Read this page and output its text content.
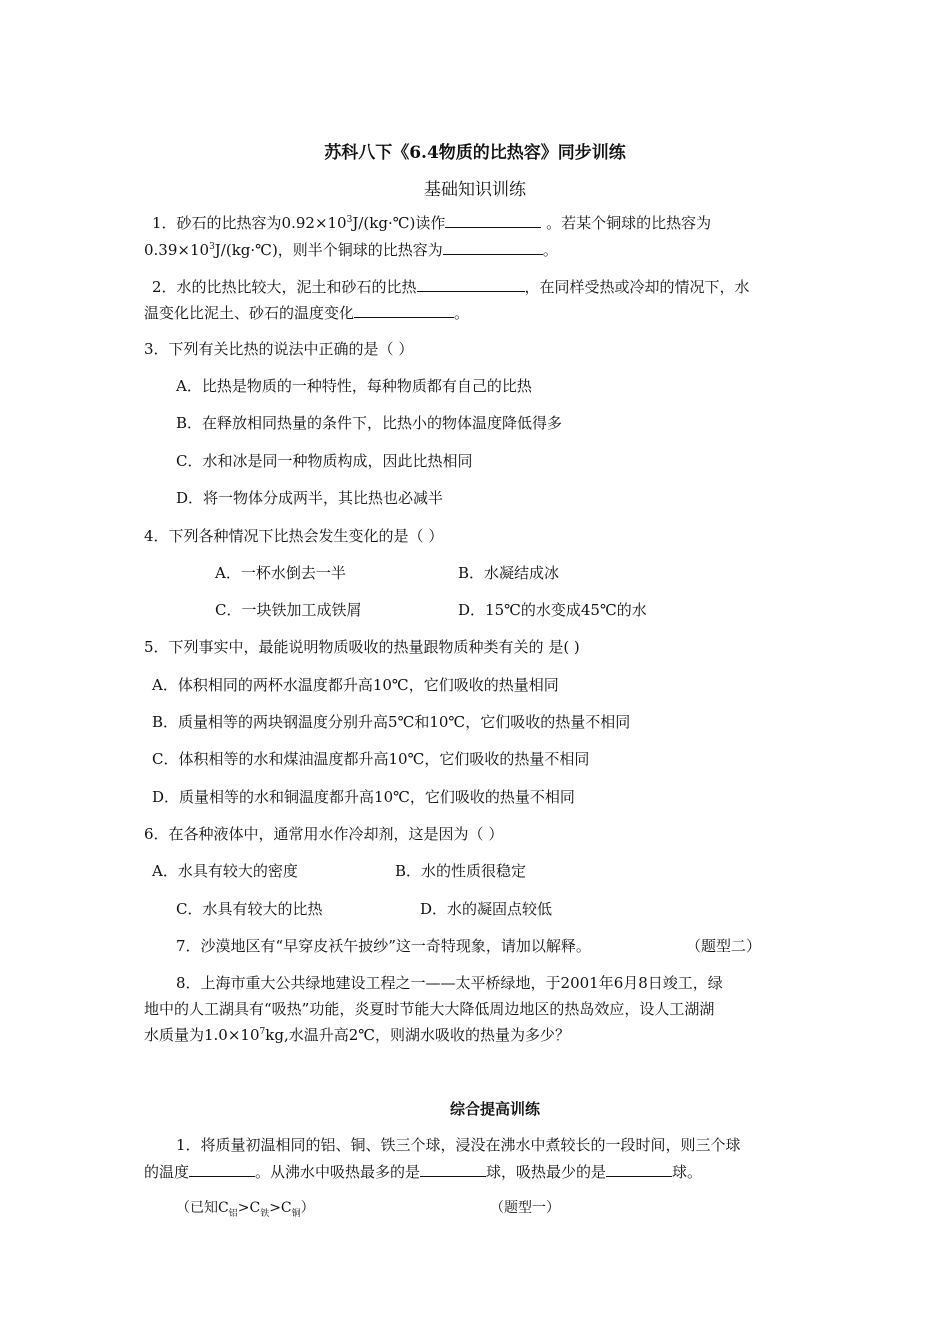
苏科八下《6.4物质的比热容》同步训练
基础知识训练
1．砂石的比热容为$0.92\times 10^3J/(kg\cdot℃)$读作	。若某个铜球的比热容为
$0.39\times 10^3J/(kg\cdot℃)$，则半个铜球的比热容为	。
2．水的比热比较大，泥土和砂石的比热	，在同样受热或冷却的情况下，水
温变化比泥土、砂石的温度变化	。
3．下列有关比热的说法中正确的是（ ）
A．比热是物质的一种特性，每种物质都有自己的比热
B．在释放相同热量的条件下，比热小的物体温度降低得多
C．水和冰是同一种物质构成，因此比热相同
D．将一物体分成两半，其比热也必减半
4．下列各种情况下比热会发生变化的是（ ）
A．一杯水倒去一半	B．水凝结成冰
C．一块铁加工成铁屑	D．15℃的水变成45℃的水
5．下列事实中，最能说明物质吸收的热量跟物质种类有关的 是( )
A．体积相同的两杯水温度都升高10℃，它们吸收的热量相同
B．质量相等的两块钢温度分别升高5℃和10℃，它们吸收的热量不相同
C．体积相等的水和煤油温度都升高10℃，它们吸收的热量不相同
D．质量相等的水和铜温度都升高10℃，它们吸收的热量不相同
6．在各种液体中，通常用水作冷却剂，这是因为（ ）
A．水具有较大的密度	B．水的性质很稳定
C．水具有较大的比热	D．水的凝固点较低
7．沙漠地区有“早穿皮袄午披纱”这一奇特现象，请加以解释。	（题型二）
8．上海市重大公共绿地建设工程之一——太平桥绿地，于2001年6月8日竣工，绿
地中的人工湖具有“吸热”功能，炎夏时节能大大降低周边地区的热岛效应，设人工湖湖
水质量为$1.0\times 10^7kg$,水温升高2℃，则湖水吸收的热量为多少？
综合提高训练
1．将质量初温相同的铝、铜、铁三个球，浸没在沸水中煮较长的一段时间，则三个球
的温度	。从沸水中吸热最多的是	球，吸热最少的是	球。
（已知$C_铝>C_铁>C_铜$）	（题型一）
